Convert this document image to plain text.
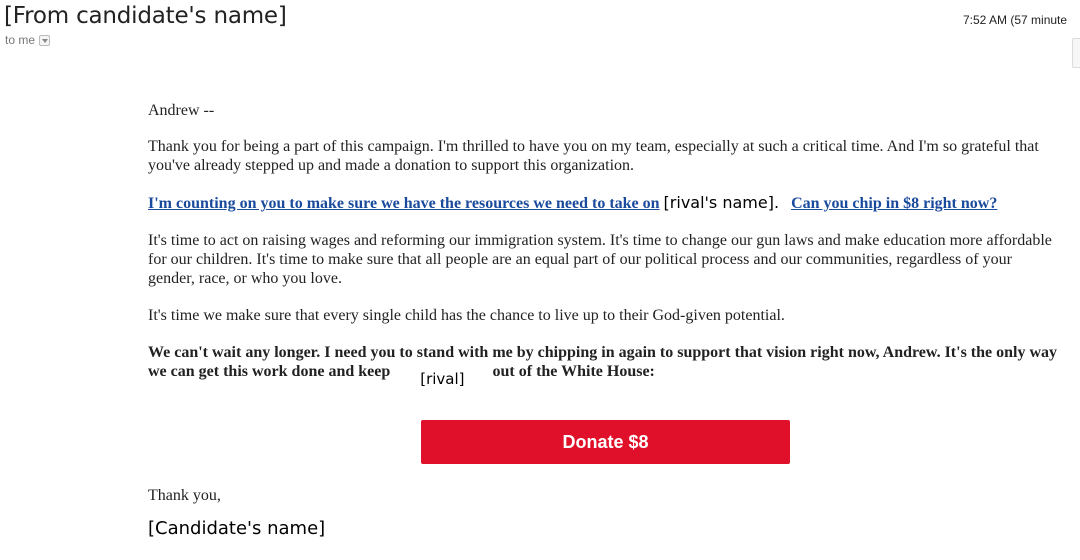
[From candidate's name]
to me
7:52 AM (57 minute

Andrew --

Thank you for being a part of this campaign. I'm thrilled to have you on my team, especially at such a critical time. And I'm so grateful that you've already stepped up and made a donation to support this organization.

I'm counting on you to make sure we have the resources we need to take on [rival's name]. Can you chip in $8 right now?

It's time to act on raising wages and reforming our immigration system. It's time to change our gun laws and make education more affordable for our children. It's time to make sure that all people are an equal part of our political process and our communities, regardless of your gender, race, or who you love.

It's time we make sure that every single child has the chance to live up to their God-given potential.

We can't wait any longer. I need you to stand with me by chipping in again to support that vision right now, Andrew. It's the only way we can get this work done and keep [rival] out of the White House:

Donate $8
Thank you,
[Candidate's name]
